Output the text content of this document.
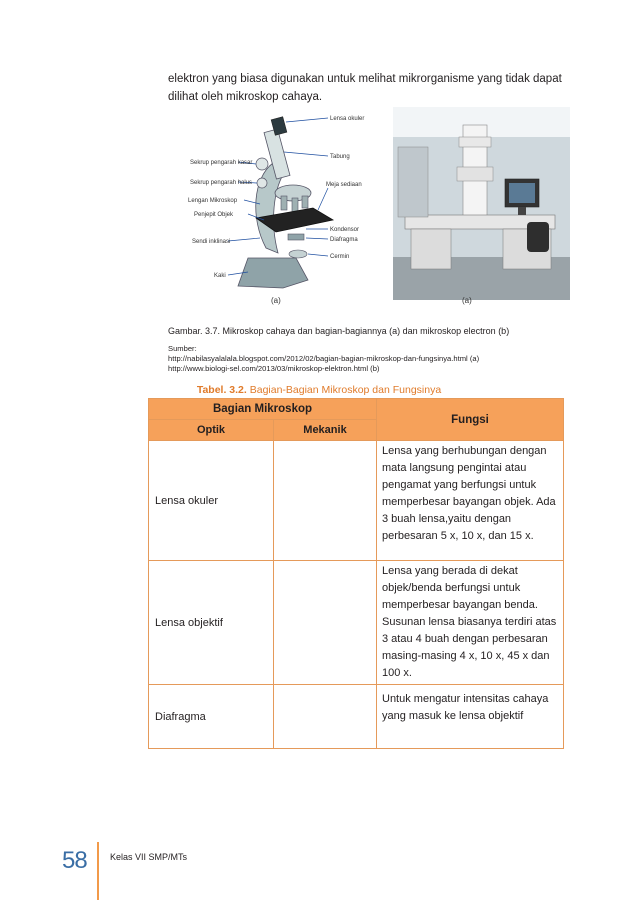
elektron yang biasa digunakan untuk melihat mikrorganisme yang tidak dapat dilihat oleh mikroskop cahaya.
Lensa okuler
Tabung
Sekrup pengarah kasar
Sekrup pengarah halus	Meja sediaan
Lengan Mikroskop
Penjepit Objek
Kondensor
Diafragma
Sendi inklinasi
Cermin
Kaki
(a)	(a)
Gambar. 3.7. Mikroskop cahaya dan bagian-bagiannya (a) dan mikroskop electron (b)
Sumber:
http://nabilasyalalala.blogspot.com/2012/02/bagian-bagian-mikroskop-dan-fungsinya.html (a)
http://www.biologi-sel.com/2013/03/mikroskop-elektron.html (b)
Tabel. 3.2. Bagian-Bagian Mikroskop dan Fungsinya
Bagian Mikroskop		Fungsi
Optik	Mekanik	
Lensa okuler		Lensa yang berhubungan dengan mata langsung pengintai atau pengamat yang berfungsi untuk memperbesar bayangan objek. Ada 3 buah lensa,yaitu dengan perbesaran 5 x, 10 x, dan 15 x.
Lensa objektif		Lensa yang berada di dekat objek/benda berfungsi untuk memperbesar bayangan benda. Susunan lensa biasanya terdiri atas 3 atau 4 buah dengan perbesaran masing-masing 4 x, 10 x, 45 x dan 100 x.
Diafragma		Untuk mengatur intensitas cahaya yang masuk ke lensa objektif
58	Kelas VII SMP/MTs
